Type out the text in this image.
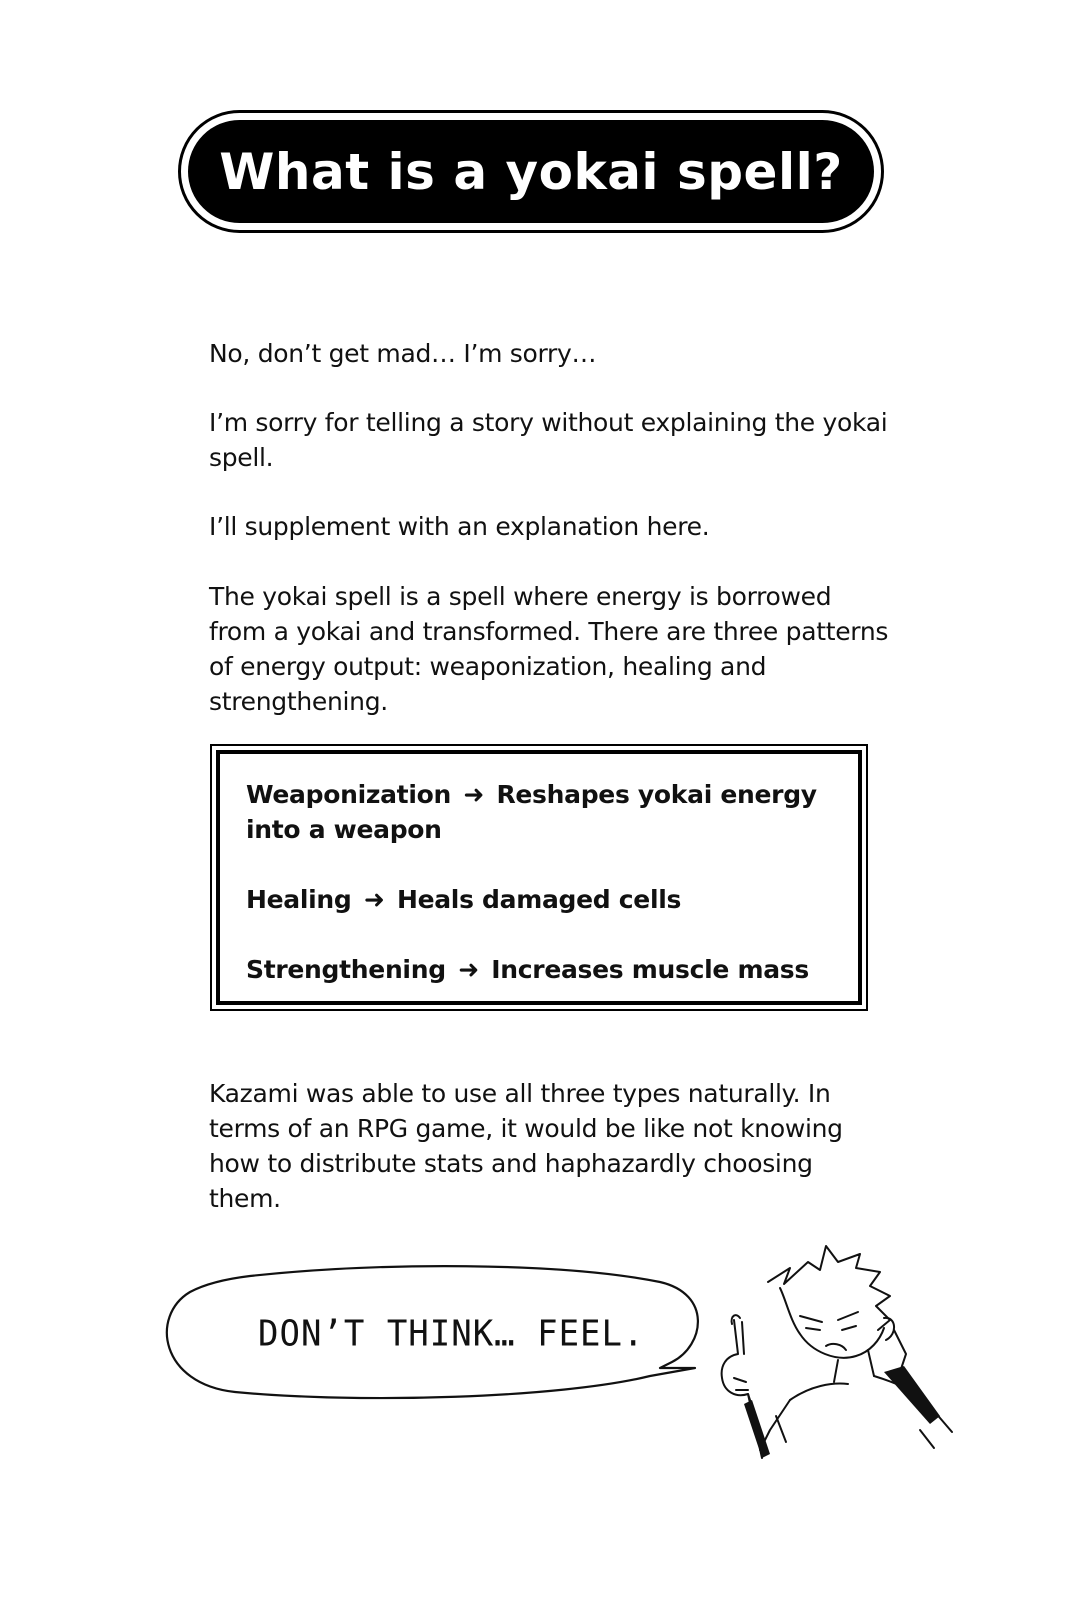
What is a yokai spell?

No, don’t get mad… I’m sorry…

I’m sorry for telling a story without explaining the yokai spell.

I’ll supplement with an explanation here.

The yokai spell is a spell where energy is borrowed from a yokai and transformed. There are three patterns of energy output: weaponization, healing and strengthening.

Weaponization ➜ Reshapes yokai energy into a weapon
Healing ➜ Heals damaged cells
Strengthening ➜ Increases muscle mass

Kazami was able to use all three types naturally. In terms of an RPG game, it would be like not knowing how to distribute stats and haphazardly choosing them.

DON’T THINK… FEEL.
